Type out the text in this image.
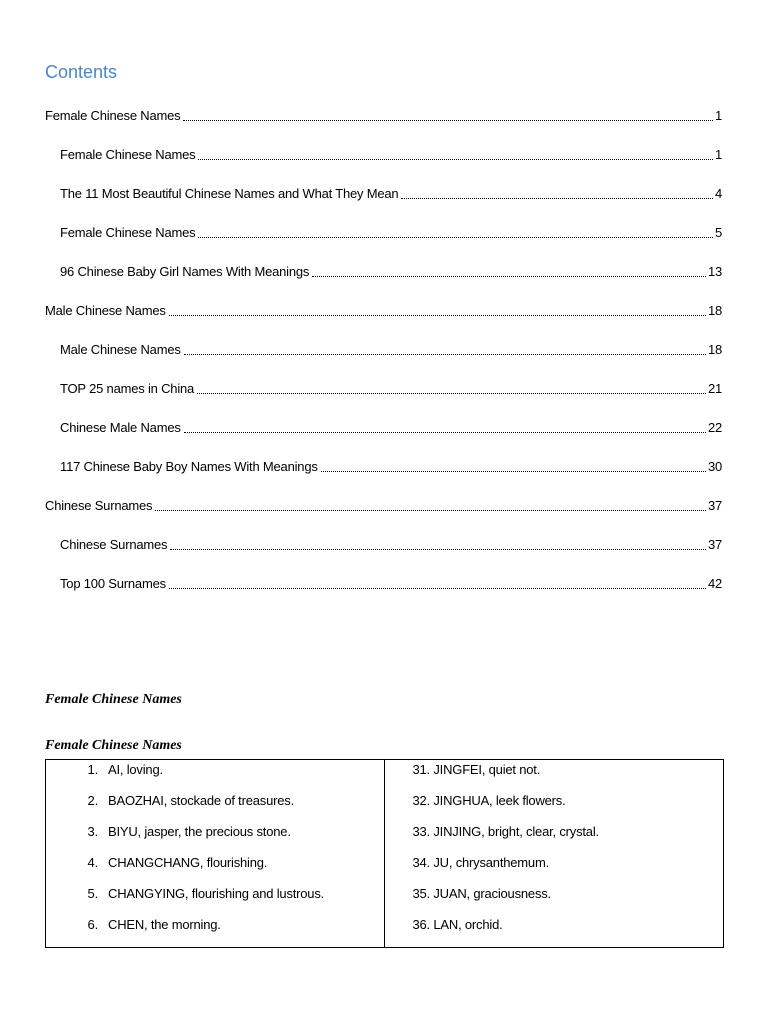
Contents
Female Chinese Names	1
Female Chinese Names	1
The 11 Most Beautiful Chinese Names and What They Mean	4
Female Chinese Names	5
96 Chinese Baby Girl Names With Meanings	13
Male Chinese Names	18
Male Chinese Names	18
TOP 25 names in China	21
Chinese Male Names	22
117 Chinese Baby Boy Names With Meanings	30
Chinese Surnames	37
Chinese Surnames	37
Top 100 Surnames	42
Female Chinese Names
Female Chinese Names
1. AI, loving.
2. BAOZHAI, stockade of treasures.
3. BIYU, jasper, the precious stone.
4. CHANGCHANG, flourishing.
5. CHANGYING, flourishing and lustrous.
6. CHEN, the morning.
31. JINGFEI, quiet not.
32. JINGHUA, leek flowers.
33. JINJING, bright, clear, crystal.
34. JU, chrysanthemum.
35. JUAN, graciousness.
36. LAN, orchid.
